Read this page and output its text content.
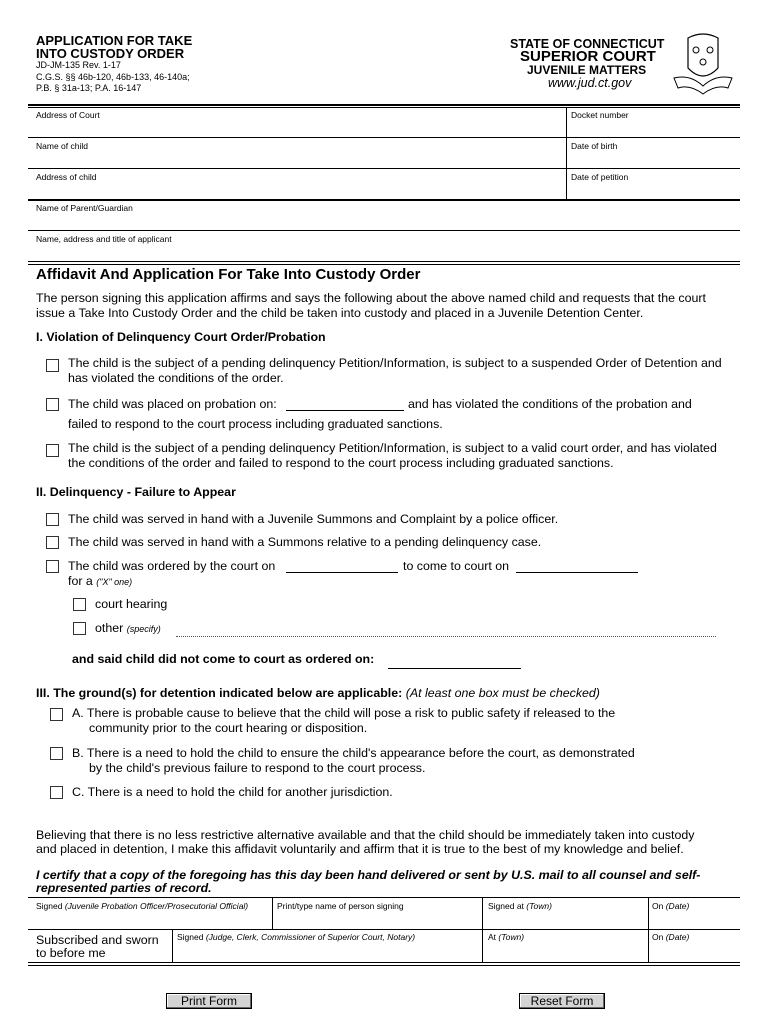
APPLICATION FOR TAKE
INTO CUSTODY ORDER
JD-JM-135 Rev. 1-17
C.G.S. §§ 46b-120, 46b-133, 46-140a;
P.B. § 31a-13; P.A. 16-147
STATE OF CONNECTICUT
SUPERIOR COURT
JUVENILE MATTERS
www.jud.ct.gov
Address of Court	Docket number
Name of child	Date of birth
Address of child	Date of petition
Name of Parent/Guardian
Name, address and title of applicant
Affidavit And Application For Take Into Custody Order
The person signing this application affirms and says the following about the above named child and requests that the court
issue a Take Into Custody Order and the child be taken into custody and placed in a Juvenile Detention Center.
I. Violation of Delinquency Court Order/Probation
The child is the subject of a pending delinquency Petition/Information, is subject to a suspended Order of Detention and
has violated the conditions of the order.
The child was placed on probation on:	and has violated the conditions of the probation and
failed to respond to the court process including graduated sanctions.
The child is the subject of a pending delinquency Petition/Information, is subject to a valid court order, and has violated
the conditions of the order and failed to respond to the court process including graduated sanctions.
II. Delinquency - Failure to Appear
The child was served in hand with a Juvenile Summons and Complaint by a police officer.
The child was served in hand with a Summons relative to a pending delinquency case.
The child was ordered by the court on	to come to court on
for a ("X" one)
court hearing
other (specify)
and said child did not come to court as ordered on:
III. The ground(s) for detention indicated below are applicable: (At least one box must be checked)
A. There is probable cause to believe that the child will pose a risk to public safety if released to the
community prior to the court hearing or disposition.
B. There is a need to hold the child to ensure the child's appearance before the court, as demonstrated
by the child's previous failure to respond to the court process.
C. There is a need to hold the child for another jurisdiction.
Believing that there is no less restrictive alternative available and that the child should be immediately taken into custody
and placed in detention, I make this affidavit voluntarily and affirm that it is true to the best of my knowledge and belief.
I certify that a copy of the foregoing has this day been hand delivered or sent by U.S. mail to all counsel and self-
represented parties of record.
Signed (Juvenile Probation Officer/Prosecutorial Official)	Print/type name of person signing	Signed at (Town)	On (Date)
Subscribed and sworn
to before me
Signed (Judge, Clerk, Commissioner of Superior Court, Notary)	At (Town)	On (Date)
Print Form	Reset Form
